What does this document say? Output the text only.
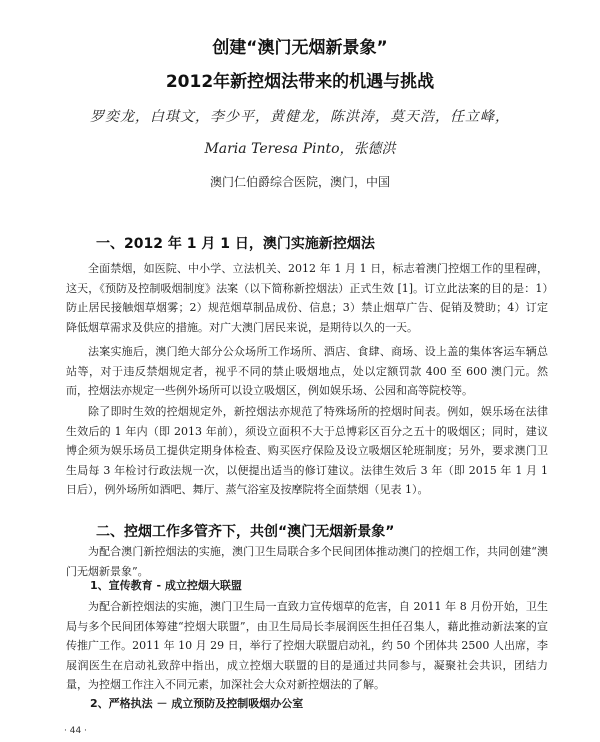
创建“澳门无烟新景象”
2012年新控烟法带来的机遇与挑战
罗奕龙，白琪文，李少平，黄健龙，陈洪涛，莫天浩，任立峰，
Maria Teresa Pinto，张德洪
澳门仁伯爵综合医院，澳门，中国
一、2012 年 1 月 1 日，澳门实施新控烟法

全面禁烟，如医院、中小学、立法机关、2012 年 1 月 1 日，标志着澳门控烟工作的里程碑，这天，《预防及控制吸烟制度》法案（以下简称新控烟法）正式生效 [1]。订立此法案的目的是：1）防止居民接触烟草烟雾；2）规范烟草制品成份、信息；3）禁止烟草广告、促销及赞助；4）订定降低烟草需求及供应的措施。对广大澳门居民来说，是期待以久的一天。

法案实施后，澳门绝大部分公众场所工作场所、酒店、食肆、商场、设上盖的集体客运车辆总站等，对于违反禁烟规定者，视乎不同的禁止吸烟地点，处以定额罚款 400 至 600 澳门元。然而，控烟法亦规定一些例外场所可以设立吸烟区，例如娱乐场、公园和高等院校等。

除了即时生效的控烟规定外，新控烟法亦规范了特殊场所的控烟时间表。例如，娱乐场在法律生效后的 1 年内（即 2013 年前），须设立面积不大于总博彩区百分之五十的吸烟区；同时，建议博企须为娱乐场员工提供定期身体检查、购买医疗保险及设立吸烟区轮班制度；另外，要求澳门卫生局每 3 年检讨行政法规一次，以便提出适当的修订建议。法律生效后 3 年（即 2015 年 1 月 1 日后），例外场所如酒吧、舞厅、蒸气浴室及按摩院将全面禁烟（见表 1）。

二、控烟工作多管齐下，共创“澳门无烟新景象”

为配合澳门新控烟法的实施，澳门卫生局联合多个民间团体推动澳门的控烟工作，共同创建“澳门无烟新景象”。

1、宣传教育 - 成立控烟大联盟

为配合新控烟法的实施，澳门卫生局一直致力宣传烟草的危害，自 2011 年 8 月份开始，卫生局与多个民间团体筹建“控烟大联盟”，由卫生局局长李展润医生担任召集人，藉此推动新法案的宣传推广工作。2011 年 10 月 29 日，举行了控烟大联盟启动礼，约 50 个团体共 2500 人出席，李展润医生在启动礼致辞中指出，成立控烟大联盟的目的是通过共同参与，凝聚社会共识，团结力量，为控烟工作注入不同元素，加深社会大众对新控烟法的了解。

2、严格执法 － 成立预防及控制吸烟办公室
· 44 ·
